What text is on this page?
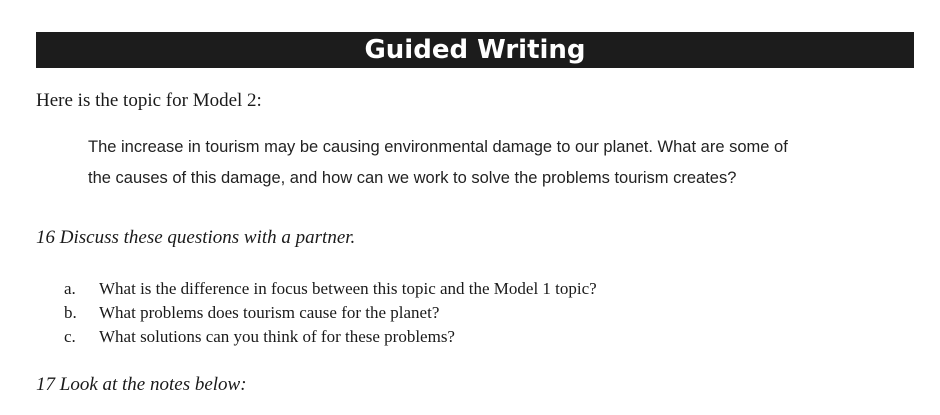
Guided Writing
Here is the topic for Model 2:
The increase in tourism may be causing environmental damage to our planet. What are some of
the causes of this damage, and how can we work to solve the problems tourism creates?
16 Discuss these questions with a partner.
a.	What is the difference in focus between this topic and the Model 1 topic?
b.	What problems does tourism cause for the planet?
c.	What solutions can you think of for these problems?
17 Look at the notes below:
